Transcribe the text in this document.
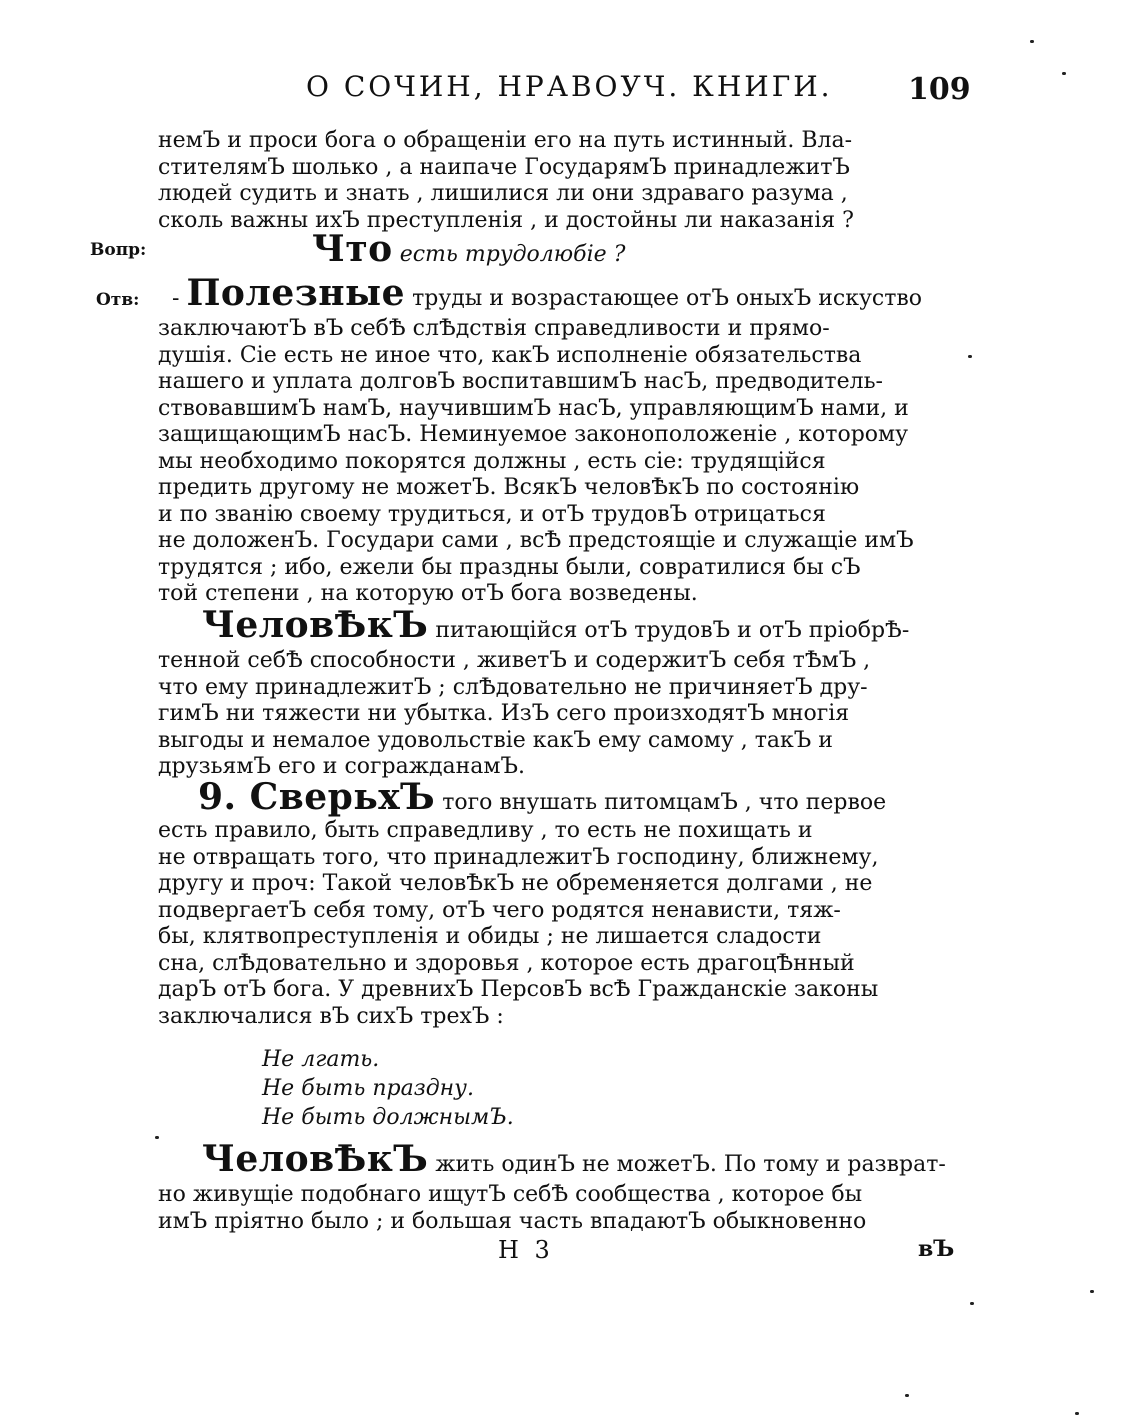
О СОЧИН, НРАВОУЧ. КНИГИ.	109
немЪ и проси бога о обращенiи его на путь истинный. Вла-
стителямЪ шолько , а наипаче ГосударямЪ принадлежитЪ
людей судить и знать , лишилися ли они здраваго разума ,
сколь важны ихЪ преступленiя , и достойны ли наказанiя ?
Вопр:	Что есть трудолюбiе ?
Отв: - Полезные труды и возрастающее отЪ оныхЪ искуство
заключаютЪ вЪ себѢ слѢдствiя справедливости и прямо-
душiя. Сiе есть не иное что, какЪ исполненiе обязательства
нашего и уплата долговЪ воспитавшимЪ насЪ, предводитель-
ствовавшимЪ намЪ, научившимЪ насЪ, управляющимЪ нами, и
защищающимЪ насЪ. Неминуемое законоположенiе , которому
мы необходимо покорятся должны , есть сiе: трудящiйся
предить другому не можетЪ. ВсякЪ человѢкЪ по состоянiю
и по званiю своему трудиться, и отЪ трудовЪ отрицаться
не доложенЪ. Государи сами , всѢ предстоящiе и служащiе имЪ
трудятся ; ибо, ежели бы праздны были, совратилися бы сЪ
той степени , на которую отЪ бога возведены.
ЧеловѢкЪ питающiйся отЪ трудовЪ и отЪ прiобрѢ-
тенной себѢ способности , живетЪ и содержитЪ себя тѢмЪ ,
что ему принадлежитЪ ; слѢдовательно не причиняетЪ дру-
гимЪ ни тяжести ни убытка. ИзЪ сего произходятЪ многiя
выгоды и немалое удовольствiе какЪ ему самому , такЪ и
друзьямЪ его и согражданамЪ.
9. СверьхЪ того внушать питомцамЪ , что первое
есть правило, быть справедливу , то есть не похищать и
не отвращать того, что принадлежитЪ господину, ближнему,
другу и проч: Такой человѢкЪ не обременяется долгами , не
подвергаетЪ себя тому, отЪ чего родятся ненависти, тяж-
бы, клятвопреступленiя и обиды ; не лишается сладости
сна, слѢдовательно и здоровья , которое есть драгоцѢнный
дарЪ отЪ бога. У древнихЪ ПерсовЪ всѢ Гражданскiе законы
заключалися вЪ сихЪ трехЪ :
Не лгать.
Не быть праздну.
Не быть должнымЪ.
ЧеловѢкЪ жить одинЪ не можетЪ. По тому и разврат-
но живущiе подобнаго ищутЪ себѢ сообщества , которое бы
имЪ прiятно было ; и большая часть впадаютЪ обыкновенно
Н 3	вЪ
